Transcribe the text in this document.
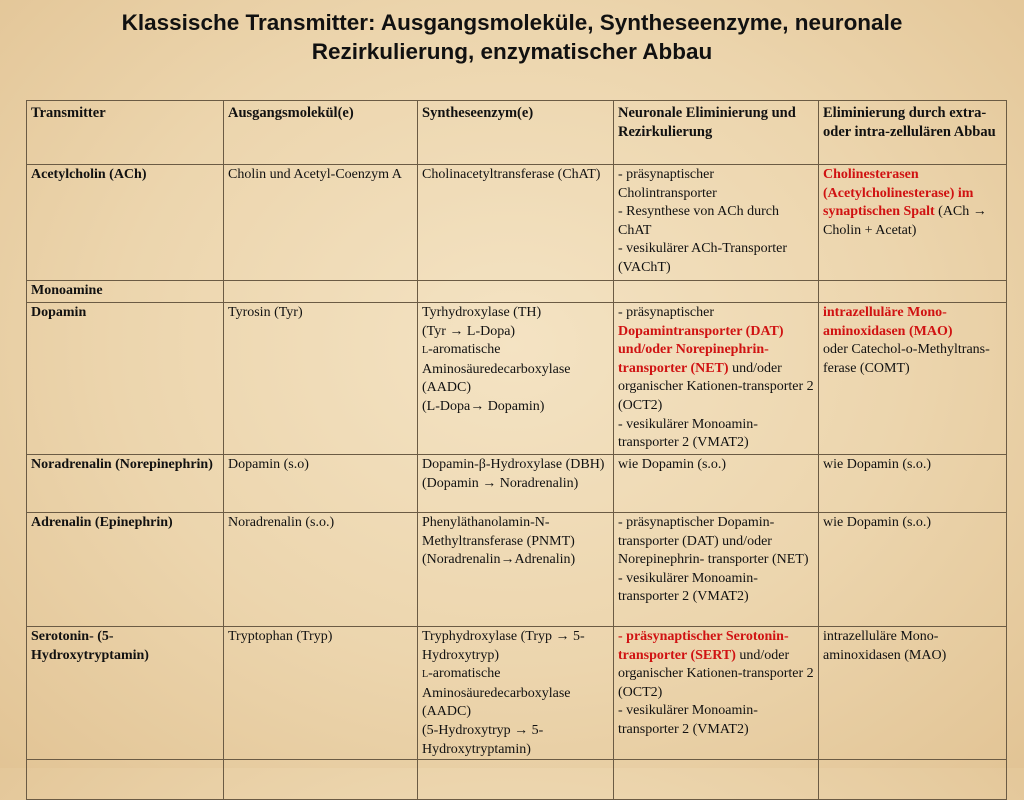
Klassische Transmitter: Ausgangsmoleküle, Syntheseenzyme, neuronale
Rezirkulierung, enzymatischer Abbau
Transmitter	Ausgangsmolekül(e)	Syntheseenzym(e)	Neuronale Eliminierung und Rezirkulierung	Eliminierung durch extra- oder intra-zellulären Abbau
Acetylcholin (ACh)	Cholin und Acetyl-Coenzym A	Cholinacetyltransferase (ChAT)	- präsynaptischer Cholintransporter
- Resynthese von ACh durch ChAT
- vesikulärer ACh-Transporter (VAChT)	Cholinesterasen (Acetylcholinesterase) im synaptischen Spalt (ACh → Cholin + Acetat)
Monoamine				
Dopamin	Tyrosin (Tyr)	Tyrhydroxylase (TH)
(Tyr → L-Dopa)
L-aromatische Aminosäuredecarboxylase (AADC)
(L-Dopa→ Dopamin)	- präsynaptischer Dopamintransporter (DAT) und/oder Norepinephrin-transporter (NET) und/oder organischer Kationen-transporter 2 (OCT2)
- vesikulärer Monoamin-transporter 2 (VMAT2)	intrazelluläre Mono-aminoxidasen (MAO)
oder Catechol-o-Methyltrans-ferase (COMT)

Noradrenalin (Norepinephrin)	Dopamin (s.o)	Dopamin-β-Hydroxylase (DBH) (Dopamin → Noradrenalin)	wie Dopamin (s.o.)	wie Dopamin (s.o.)
Adrenalin (Epinephrin)	Noradrenalin (s.o.)	Phenyläthanolamin-N-Methyltransferase (PNMT) (Noradrenalin→Adrenalin)	- präsynaptischer Dopamin-transporter (DAT) und/oder Norepinephrin- transporter (NET)
- vesikulärer Monoamin-transporter 2 (VMAT2)	wie Dopamin (s.o.)
Serotonin- (5-Hydroxytryptamin)	Tryptophan (Tryp)	Tryphydroxylase (Tryp → 5-Hydroxytryp)
L-aromatische Aminosäuredecarboxylase (AADC)
(5-Hydroxytryp → 5-Hydroxytryptamin)	- präsynaptischer Serotonin-transporter (SERT) und/oder organischer Kationen-transporter 2 (OCT2)
- vesikulärer Monoamin-transporter 2 (VMAT2)	intrazelluläre Mono-aminoxidasen (MAO)
